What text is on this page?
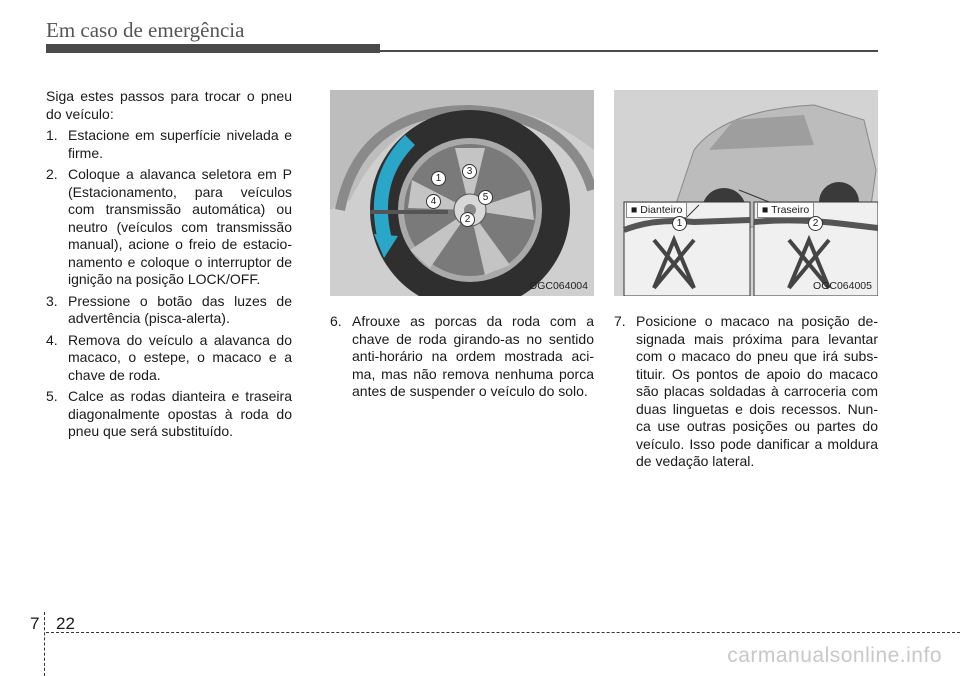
Em caso de emergência

Siga estes passos para trocar o pneu do veículo:

1. Estacione em superfície nivelada e firme.
2. Coloque a alavanca seletora em P (Estacionamento, para veículos com transmissão automática) ou neutro (veículos com transmissão manual), acione o freio de estacio-namento e coloque o interruptor de ignição na posição LOCK/OFF.
3. Pressione o botão das luzes de advertência (pisca-alerta).
4. Remova do veículo a alavanca do macaco, o estepe, o macaco e a chave de roda.
5. Calce as rodas dianteira e traseira diagonalmente opostas à roda do pneu que será substituído.
1
2
3
4	5
OGC064004
■ Dianteiro	■ Traseiro
1	2
OGC064005
6. Afrouxe as porcas da roda com a chave de roda girando-as no sentido anti-horário na ordem mostrada aci-ma, mas não remova nenhuma porca antes de suspender o veículo do solo.
7. Posicione o macaco na posição de-signada mais próxima para levantar com o macaco do pneu que irá subs-tituir. Os pontos de apoio do macaco são placas soldadas à carroceria com duas linguetas e dois recessos. Nun-ca use outras posições ou partes do veículo. Isso pode danificar a moldura de vedação lateral.
7 22
carmanualsonline.info
